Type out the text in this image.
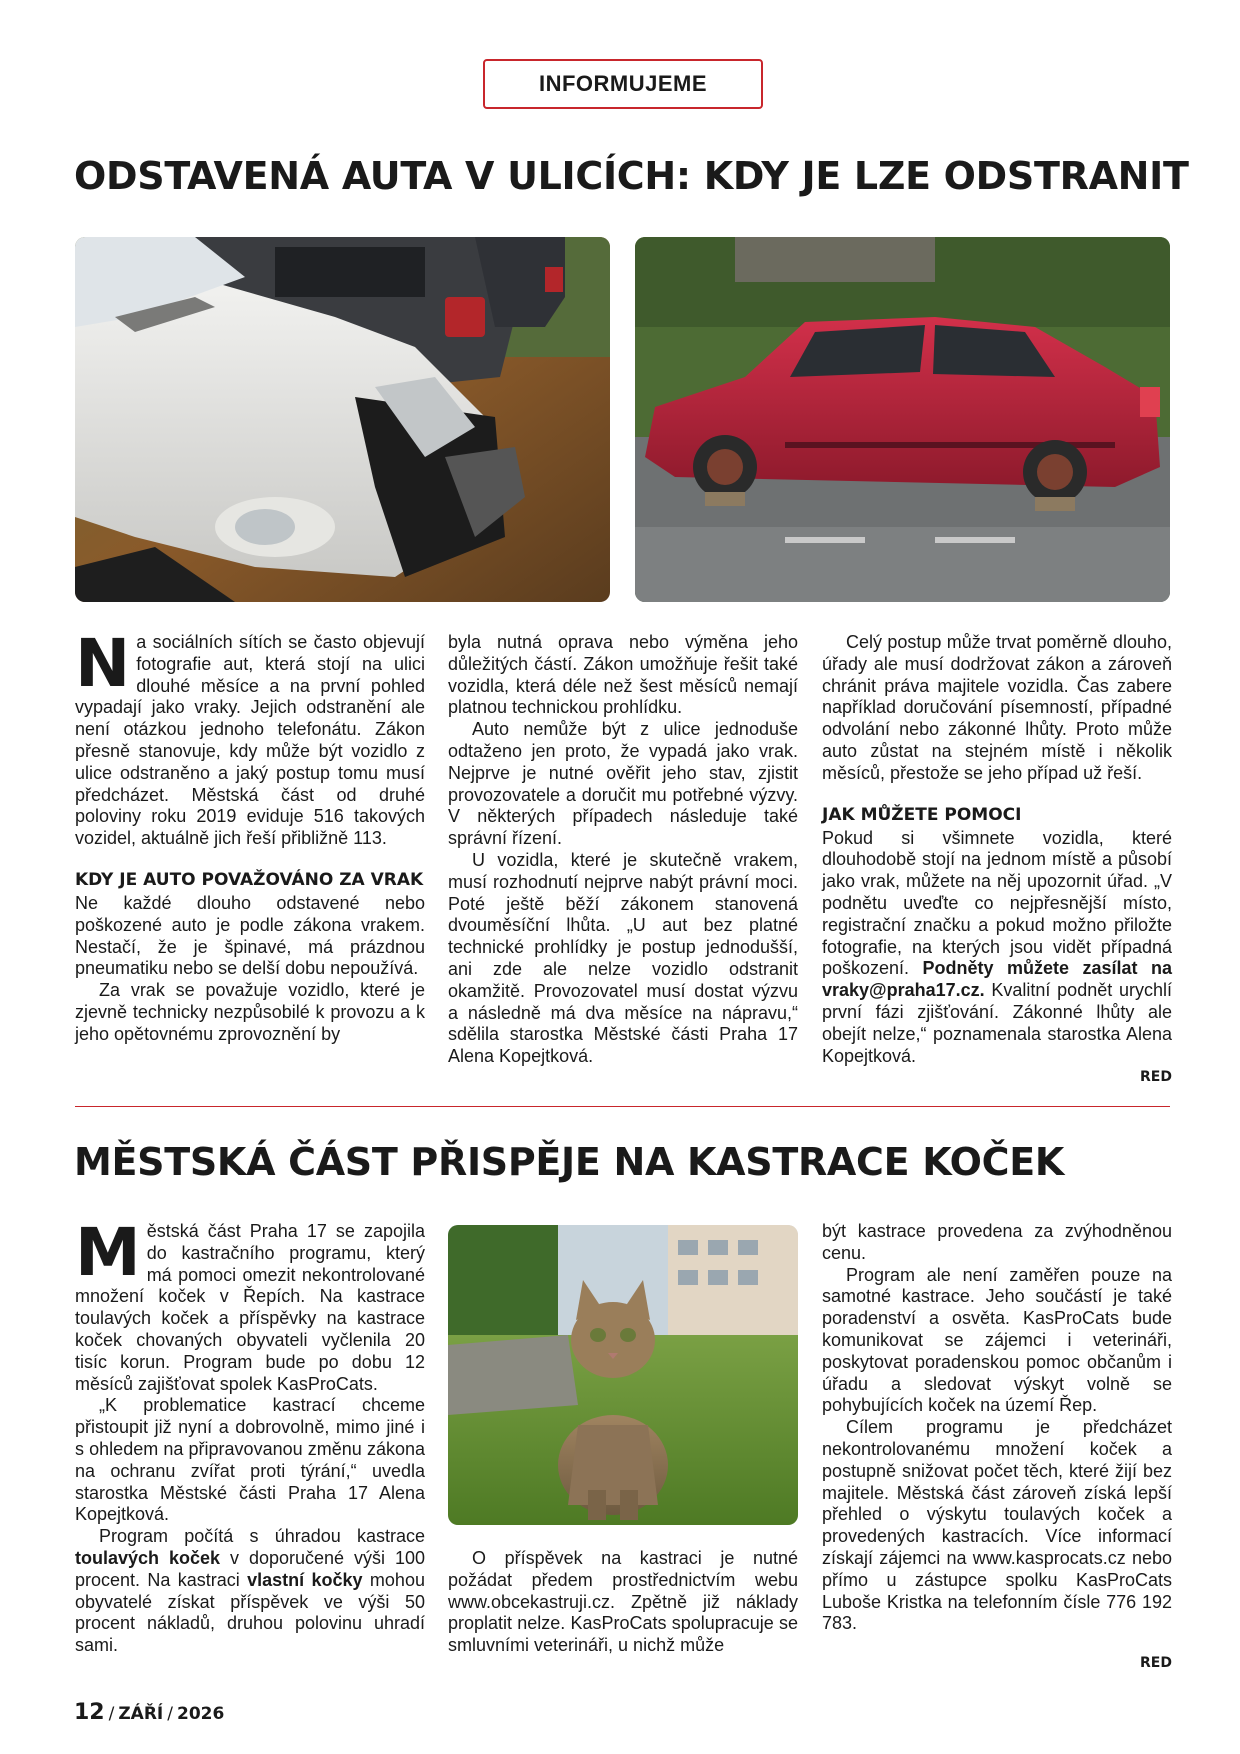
INFORMUJEME
ODSTAVENÁ AUTA V ULICÍCH: KDY JE LZE ODSTRANIT

Na sociálních sítích se často objevují fotografie aut, která stojí na ulici dlouhé měsíce a na první pohled vypadají jako vraky. Jejich odstranění ale není otázkou jednoho telefonátu. Zákon přesně stanovuje, kdy může být vozidlo z ulice odstraněno a jaký postup tomu musí předcházet. Městská část od druhé poloviny roku 2019 eviduje 516 takových vozidel, aktuálně jich řeší přibližně 113.

KDY JE AUTO POVAŽOVÁNO ZA VRAK

Ne každé dlouho odstavené nebo poškozené auto je podle zákona vrakem. Nestačí, že je špinavé, má prázdnou pneumatiku nebo se delší dobu nepoužívá.

Za vrak se považuje vozidlo, které je zjevně technicky nezpůsobilé k provozu a k jeho opětovnému zprovoznění by

byla nutná oprava nebo výměna jeho důležitých částí. Zákon umožňuje řešit také vozidla, která déle než šest měsíců nemají platnou technickou prohlídku.

Auto nemůže být z ulice jednoduše odtaženo jen proto, že vypadá jako vrak. Nejprve je nutné ověřit jeho stav, zjistit provozovatele a doručit mu potřebné výzvy. V některých případech následuje také správní řízení.

U vozidla, které je skutečně vrakem, musí rozhodnutí nejprve nabýt právní moci. Poté ještě běží zákonem stanovená dvouměsíční lhůta. „U aut bez platné technické prohlídky je postup jednodušší, ani zde ale nelze vozidlo odstranit okamžitě. Provozovatel musí dostat výzvu a následně má dva měsíce na nápravu,“ sdělila starostka Městské části Praha 17 Alena Kopejtková.

Celý postup může trvat poměrně dlouho, úřady ale musí dodržovat zákon a zároveň chránit práva majitele vozidla. Čas zabere například doručování písemností, případné odvolání nebo zákonné lhůty. Proto může auto zůstat na stejném místě i několik měsíců, přestože se jeho případ už řeší.

JAK MŮŽETE POMOCI

Pokud si všimnete vozidla, které dlouhodobě stojí na jednom místě a působí jako vrak, můžete na něj upozornit úřad. „V podnětu uveďte co nejpřesnější místo, registrační značku a pokud možno přiložte fotografie, na kterých jsou vidět případná poškození. Podněty můžete zasílat na vraky@praha17.cz. Kvalitní podnět urychlí první fázi zjišťování. Zákonné lhůty ale obejít nelze,“ poznamenala starostka Alena Kopejtková.

RED
MĚSTSKÁ ČÁST PŘISPĚJE NA KASTRACE KOČEK

Městská část Praha 17 se zapojila do kastračního programu, který má pomoci omezit nekontrolované množení koček v Řepích. Na kastrace toulavých koček a příspěvky na kastrace koček chovaných obyvateli vyčlenila 20 tisíc korun. Program bude po dobu 12 měsíců zajišťovat spolek KasProCats.

„K problematice kastrací chceme přistoupit již nyní a dobrovolně, mimo jiné i s ohledem na připravovanou změnu zákona na ochranu zvířat proti týrání,“ uvedla starostka Městské části Praha 17 Alena Kopejtková.

Program počítá s úhradou kastrace toulavých koček v doporučené výši 100 procent. Na kastraci vlastní kočky mohou obyvatelé získat příspěvek ve výši 50 procent nákladů, druhou polovinu uhradí sami.

O příspěvek na kastraci je nutné požádat předem prostřednictvím webu www.obcekastruji.cz. Zpětně již náklady proplatit nelze. KasProCats spolupracuje se smluvními veterináři, u nichž může

být kastrace provedena za zvýhodněnou cenu.

Program ale není zaměřen pouze na samotné kastrace. Jeho součástí je také poradenství a osvěta. KasProCats bude komunikovat se zájemci i veterináři, poskytovat poradenskou pomoc občanům i úřadu a sledovat výskyt volně se pohybujících koček na území Řep.

Cílem programu je předcházet nekontrolovanému množení koček a postupně snižovat počet těch, které žijí bez majitele. Městská část zároveň získá lepší přehled o výskytu toulavých koček a provedených kastracích. Více informací získají zájemci na www.kasprocats.cz nebo přímo u zástupce spolku KasProCats Luboše Kristka na telefonním čísle 776 192 783.

RED
12 / ZÁŘÍ / 2026
